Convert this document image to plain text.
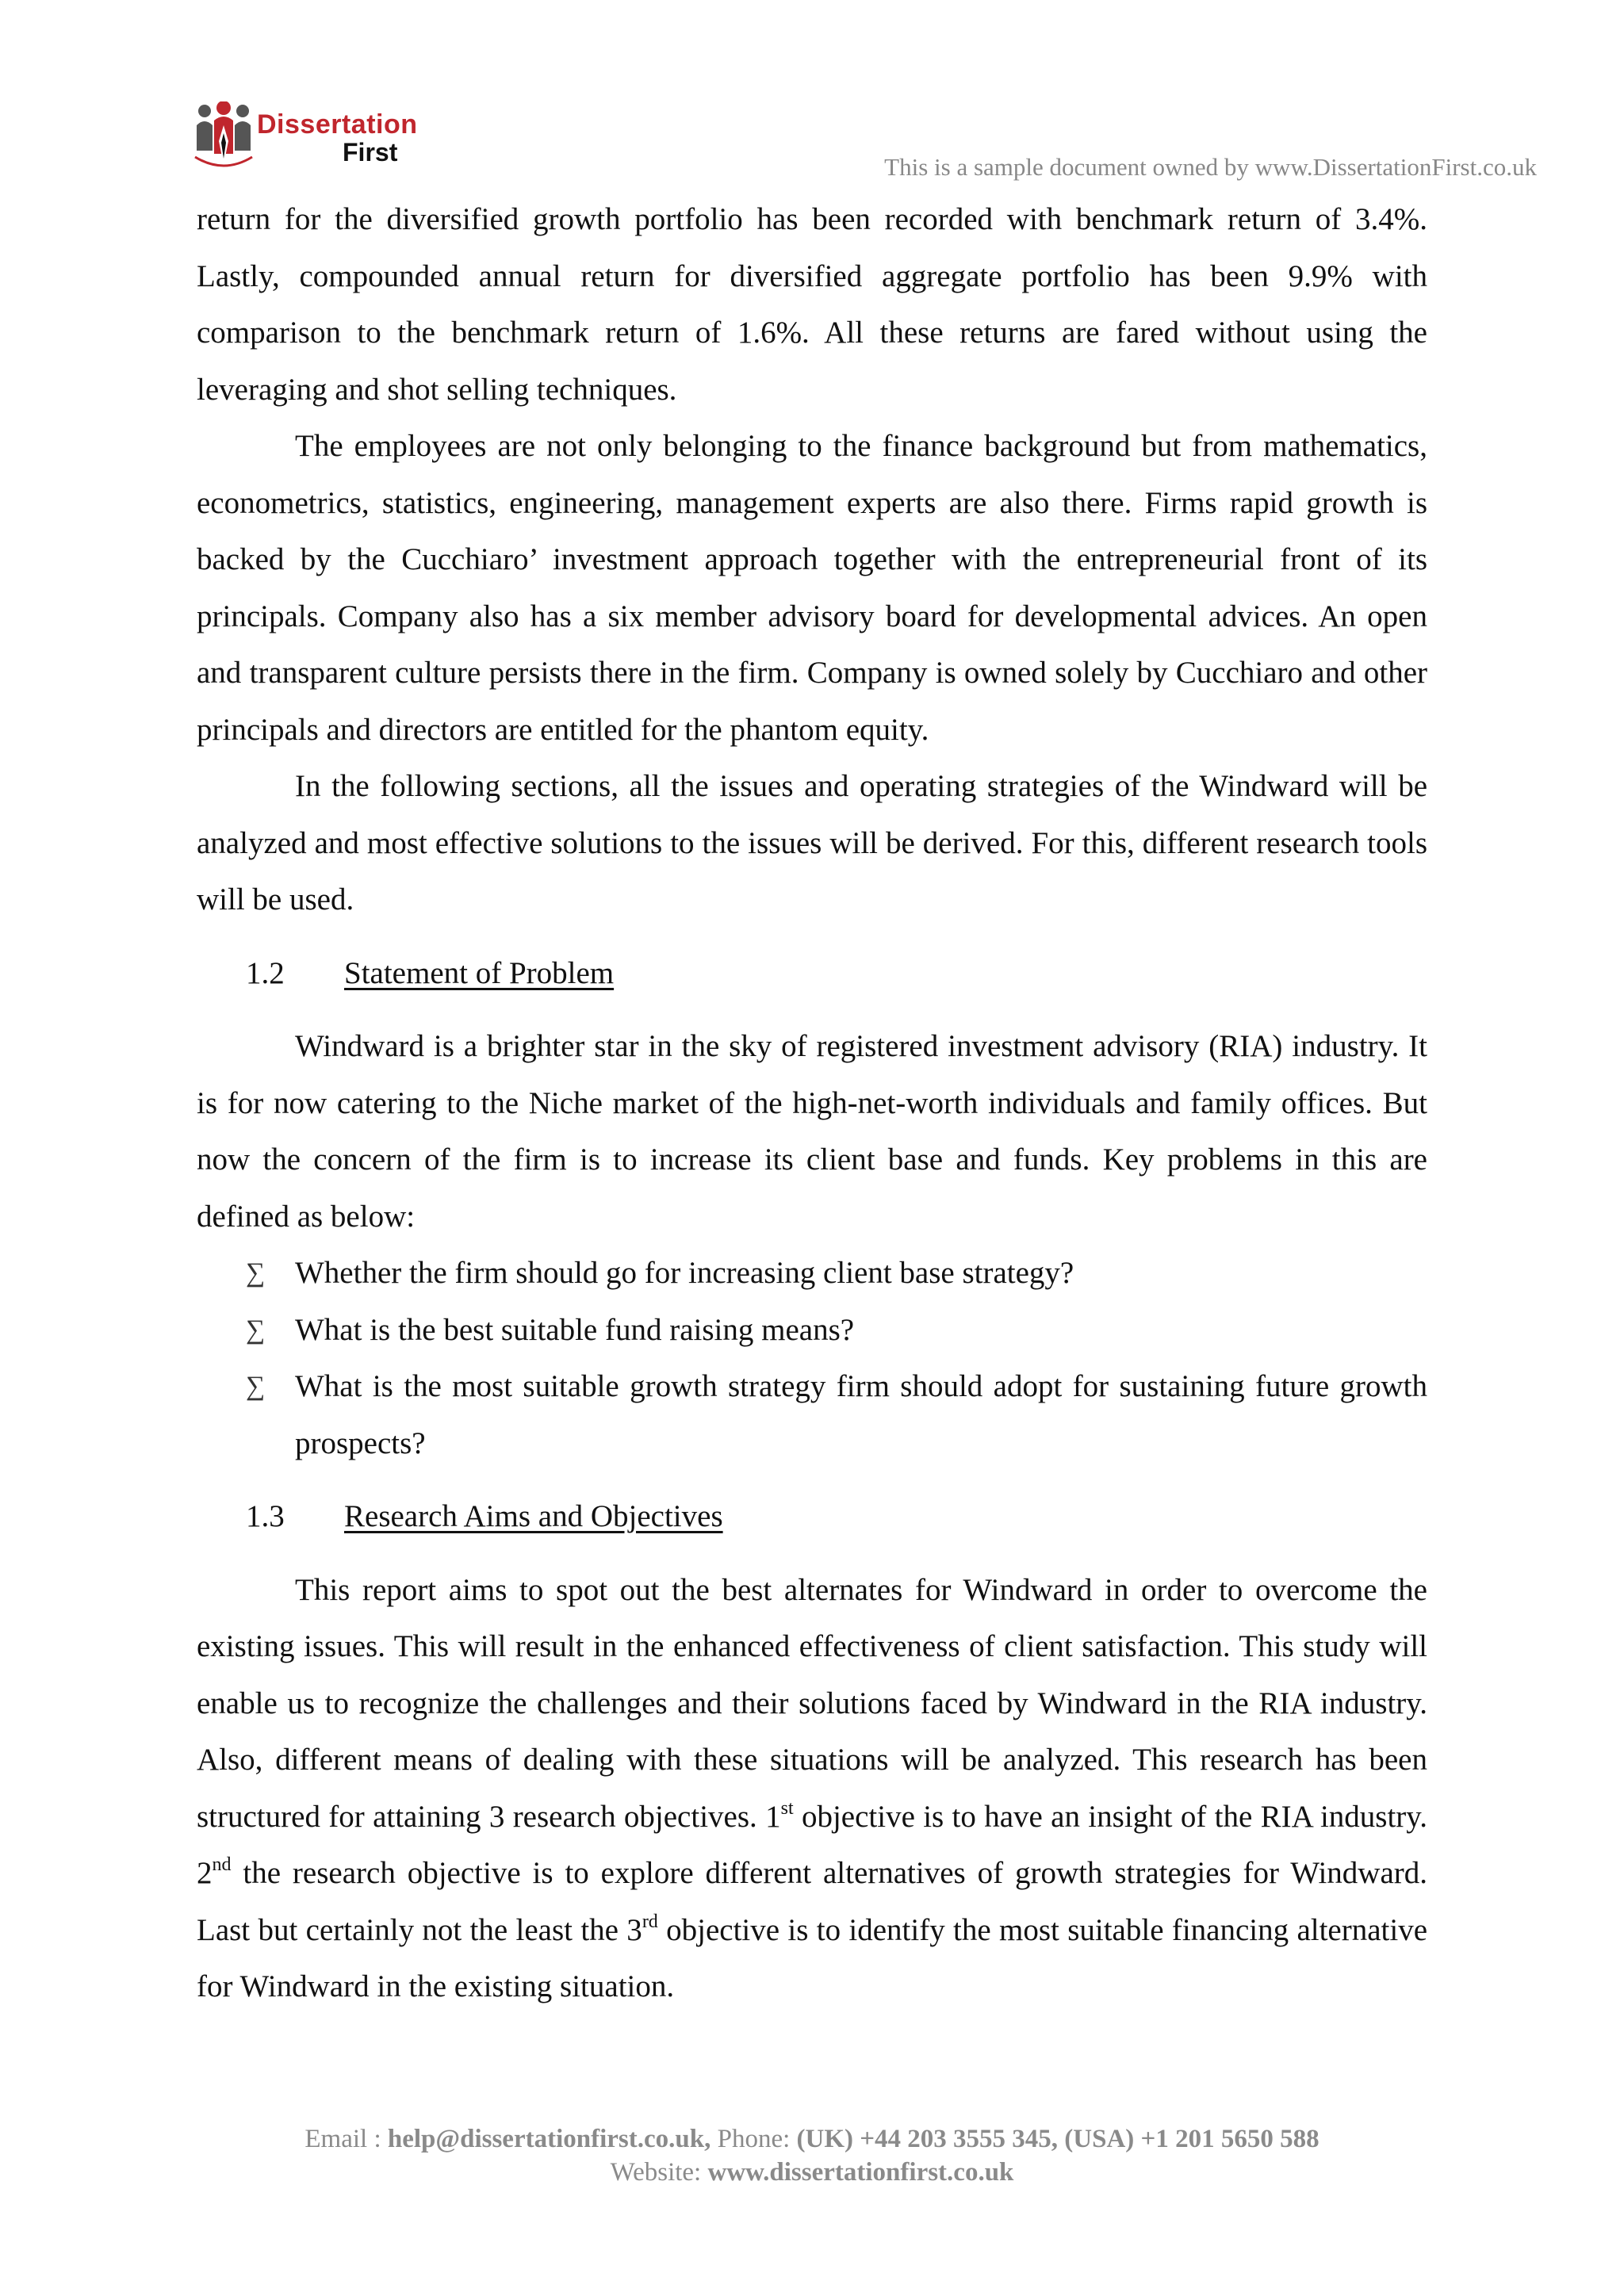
Dissertation
First
This is a sample document owned by www.DissertationFirst.co.uk

return for the diversified growth portfolio has been recorded with benchmark return of 3.4%. Lastly, compounded annual return for diversified aggregate portfolio has been 9.9% with comparison to the benchmark return of 1.6%. All these returns are fared without using the leveraging and shot selling techniques.

The employees are not only belonging to the finance background but from mathematics, econometrics, statistics, engineering, management experts are also there. Firms rapid growth is backed by the Cucchiaro’ investment approach together with the entrepreneurial front of its principals. Company also has a six member advisory board for developmental advices. An open and transparent culture persists there in the firm. Company is owned solely by Cucchiaro and other principals and directors are entitled for the phantom equity.

In the following sections, all the issues and operating strategies of the Windward will be analyzed and most effective solutions to the issues will be derived. For this, different research tools will be used.

1.2	Statement of Problem

Windward is a brighter star in the sky of registered investment advisory (RIA) industry. It is for now catering to the Niche market of the high-net-worth individuals and family offices. But now the concern of the firm is to increase its client base and funds. Key problems in this are defined as below:

∑ Whether the firm should go for increasing client base strategy?
∑ What is the best suitable fund raising means?
∑ What is the most suitable growth strategy firm should adopt for sustaining future growth prospects?
1.3	Research Aims and Objectives

This report aims to spot out the best alternates for Windward in order to overcome the existing issues. This will result in the enhanced effectiveness of client satisfaction. This study will enable us to recognize the challenges and their solutions faced by Windward in the RIA industry. Also, different means of dealing with these situations will be analyzed. This research has been structured for attaining 3 research objectives. 1st objective is to have an insight of the RIA industry. 2nd the research objective is to explore different alternatives of growth strategies for Windward. Last but certainly not the least the 3rd objective is to identify the most suitable financing alternative for Windward in the existing situation.

Email : help@dissertationfirst.co.uk, Phone: (UK) +44 203 3555 345, (USA) +1 201 5650 588
Website: www.dissertationfirst.co.uk
